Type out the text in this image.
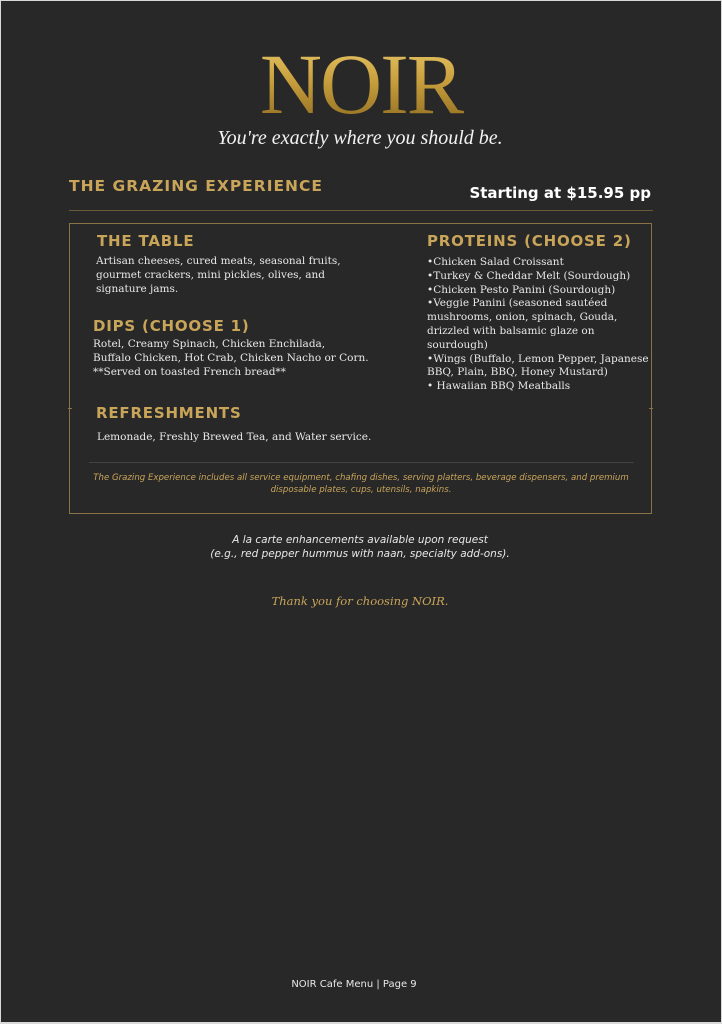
NOIR
You're exactly where you should be.
THE GRAZING EXPERIENCE	Starting at $15.95 pp
THE TABLE
Artisan cheeses, cured meats, seasonal fruits,
gourmet crackers, mini pickles, olives, and
signature jams.
DIPS (CHOOSE 1)
Rotel, Creamy Spinach, Chicken Enchilada,
Buffalo Chicken, Hot Crab, Chicken Nacho or Corn.
**Served on toasted French bread**
PROTEINS (CHOOSE 2)
•Chicken Salad Croissant
•Turkey & Cheddar Melt (Sourdough)
•Chicken Pesto Panini (Sourdough)
•Veggie Panini (seasoned sautéed
mushrooms, onion, spinach, Gouda,
drizzled with balsamic glaze on
sourdough)
•Wings (Buffalo, Lemon Pepper, Japanese
BBQ, Plain, BBQ, Honey Mustard)
• Hawaiian BBQ Meatballs
REFRESHMENTS
Lemonade, Freshly Brewed Tea, and Water service.
The Grazing Experience includes all service equipment, chafing dishes, serving platters, beverage dispensers, and premium
disposable plates, cups, utensils, napkins.
A la carte enhancements available upon request
(e.g., red pepper hummus with naan, specialty add-ons).
Thank you for choosing NOIR.
NOIR Cafe Menu | Page 9
